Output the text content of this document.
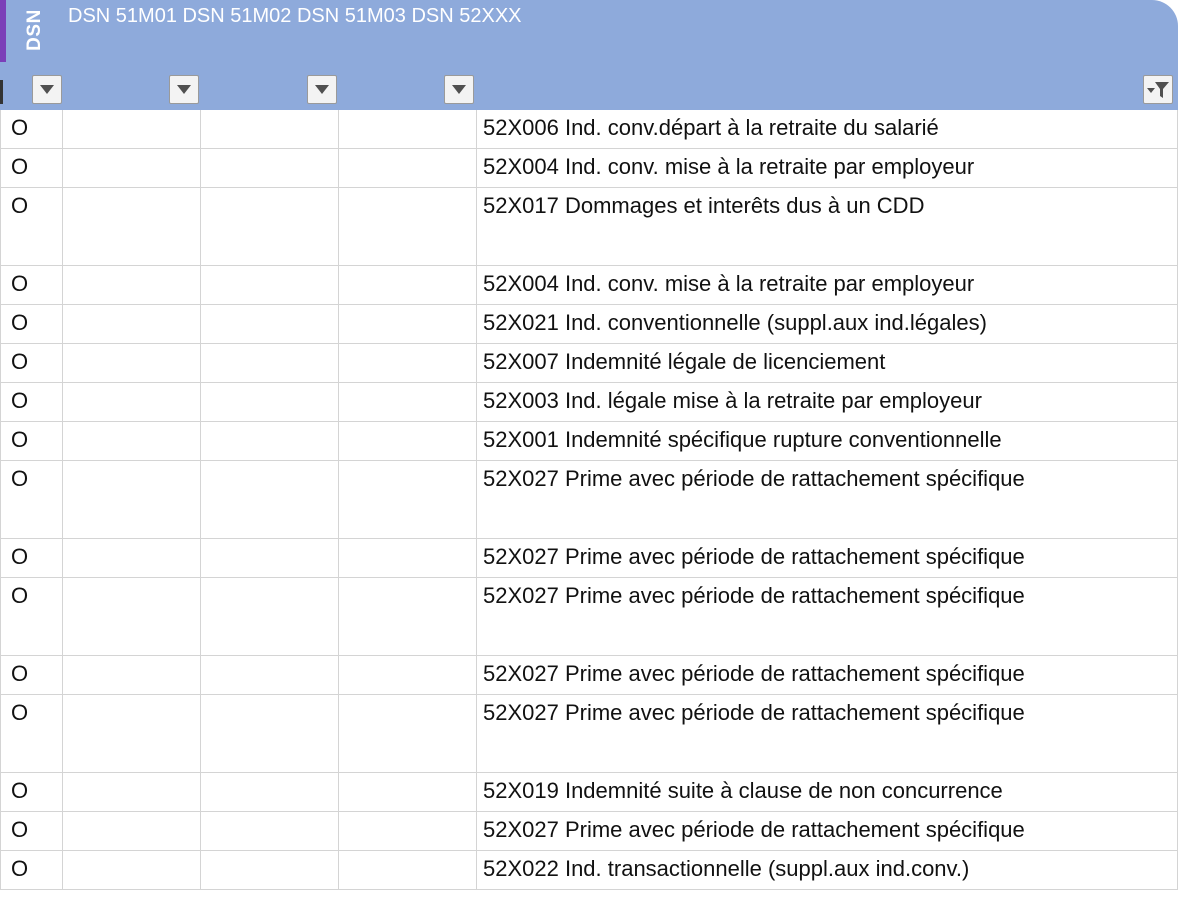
DSN DSN 51M01 DSN 51M02 DSN 51M03 DSN 52XXX
O	52X006 Ind. conv.départ à la retraite du salarié
O	52X004 Ind. conv. mise à la retraite par employeur
O	52X017 Dommages et interêts dus à un CDD
O	52X004 Ind. conv. mise à la retraite par employeur
O	52X021 Ind. conventionnelle (suppl.aux ind.légales)
O	52X007 Indemnité légale de licenciement
O	52X003 Ind. légale mise à la retraite par employeur
O	52X001 Indemnité spécifique rupture conventionnelle
O	52X027 Prime avec période de rattachement spécifique
O	52X027 Prime avec période de rattachement spécifique
O	52X027 Prime avec période de rattachement spécifique
O	52X027 Prime avec période de rattachement spécifique
O	52X027 Prime avec période de rattachement spécifique
O	52X019 Indemnité suite à clause de non concurrence
O	52X027 Prime avec période de rattachement spécifique
O	52X022 Ind. transactionnelle (suppl.aux ind.conv.)
